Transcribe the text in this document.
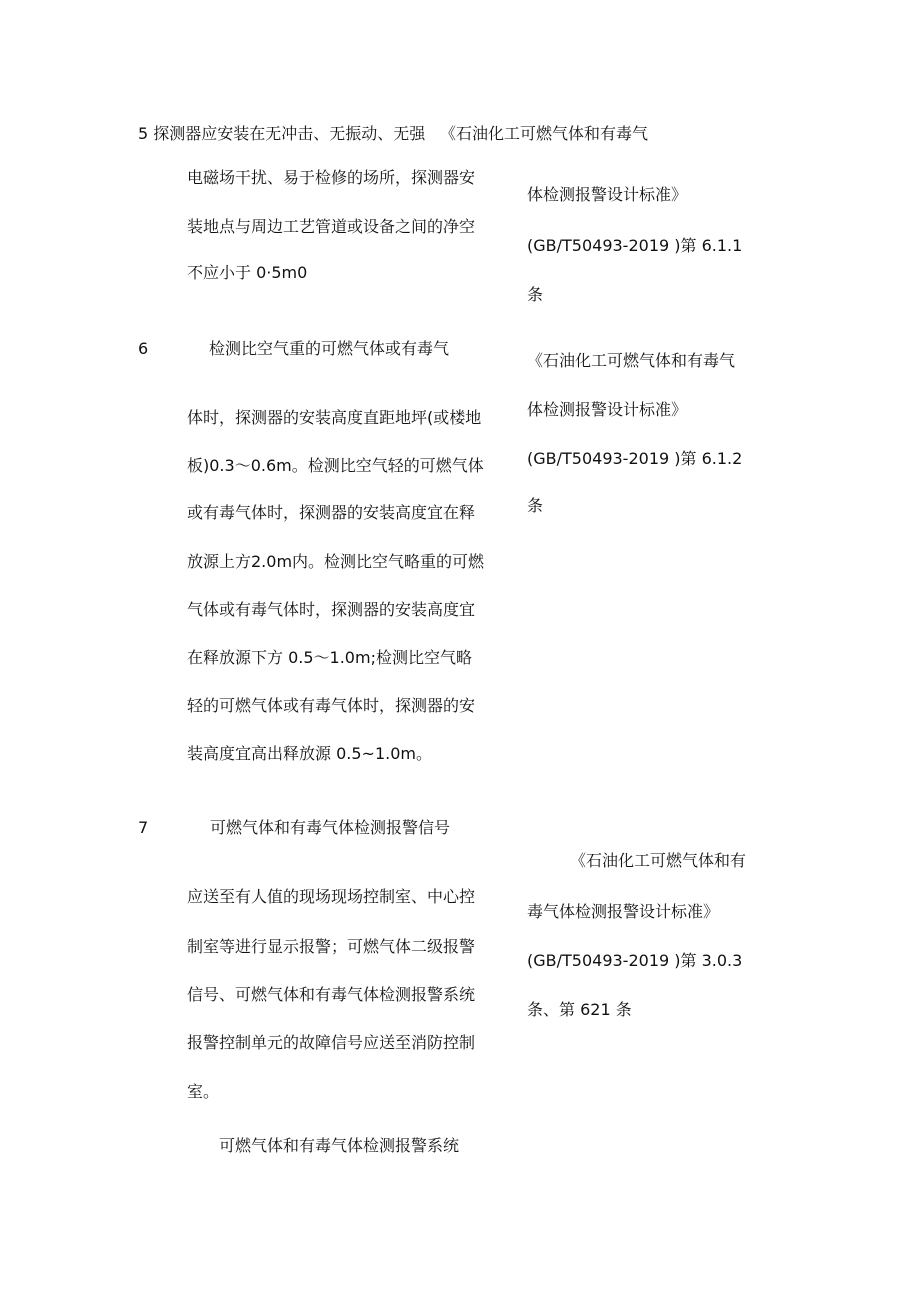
5 探测器应安装在无冲击、无振动、无强 《石油化工可燃气体和有毒气
电磁场干扰、易于检修的场所，探测器安
装地点与周边工艺管道或设备之间的净空
不应小于 0·5m0
体检测报警设计标准》
(GB/T50493-2019 )第 6.1.1
条
6	检测比空气重的可燃气体或有毒气
《石油化工可燃气体和有毒气
体检测报警设计标准》
(GB/T50493-2019 )第 6.1.2
条
体时，探测器的安装高度直距地坪(或楼地
板)0.3～0.6m。检测比空气轻的可燃气体
或有毒气体时，探测器的安装高度宜在释
放源上方2.0m内。检测比空气略重的可燃
气体或有毒气体时，探测器的安装高度宜
在释放源下方 0.5～1.0m;检测比空气略
轻的可燃气体或有毒气体时，探测器的安
装高度宜高出释放源 0.5~1.0m。
7	可燃气体和有毒气体检测报警信号
《石油化工可燃气体和有
毒气体检测报警设计标准》
(GB/T50493-2019 )第 3.0.3
条、第 621 条
应送至有人值的现场现场控制室、中心控
制室等进行显示报警；可燃气体二级报警
信号、可燃气体和有毒气体检测报警系统
报警控制单元的故障信号应送至消防控制
室。
可燃气体和有毒气体检测报警系统
